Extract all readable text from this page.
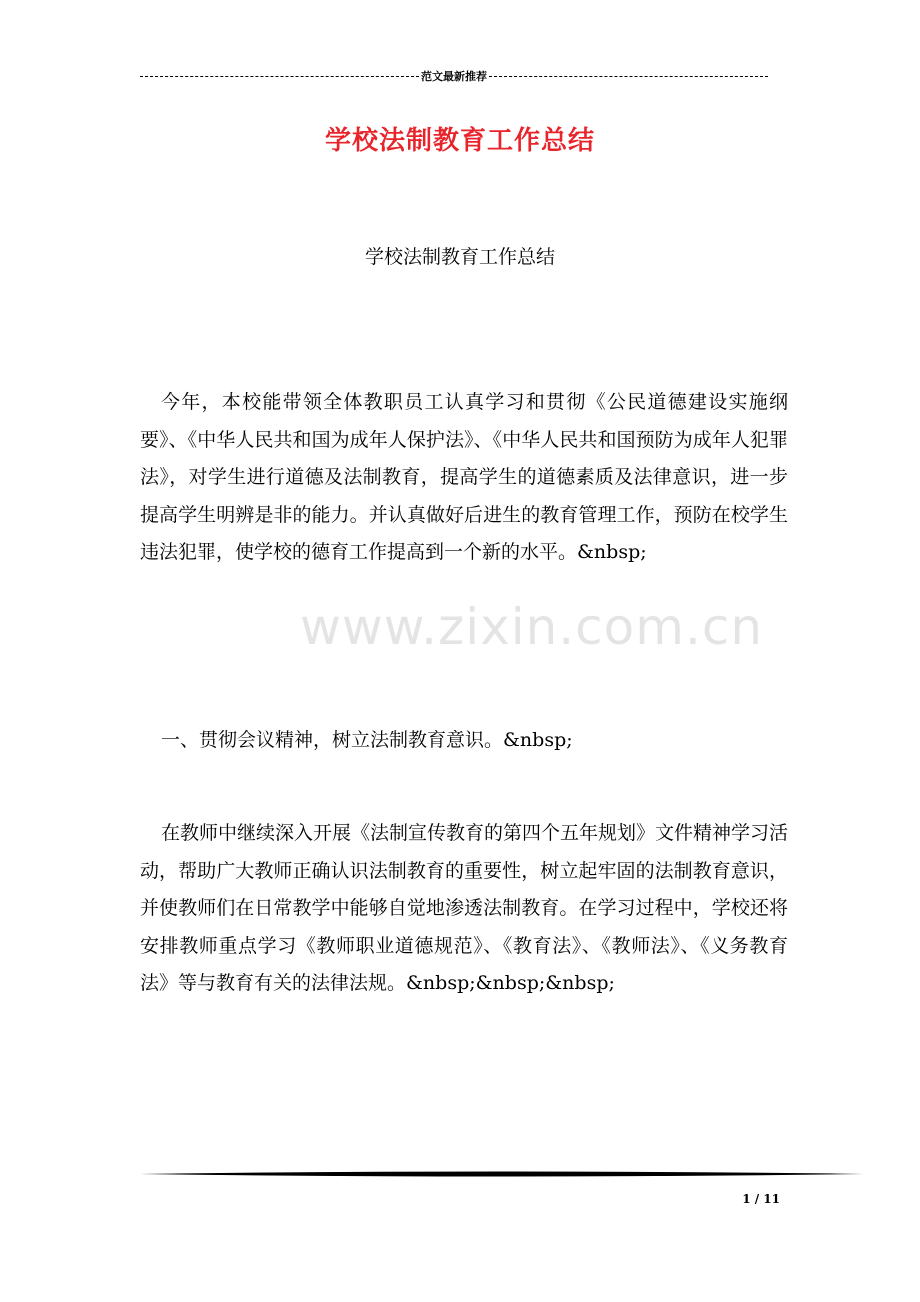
范文最新推荐
学校法制教育工作总结
学校法制教育工作总结
今年，本校能带领全体教职员工认真学习和贯彻《公民道德建设实施纲要》、《中华人民共和国为成年人保护法》、《中华人民共和国预防为成年人犯罪法》，对学生进行道德及法制教育，提高学生的道德素质及法律意识，进一步提高学生明辨是非的能力。并认真做好后进生的教育管理工作，预防在校学生违法犯罪，使学校的德育工作提高到一个新的水平。&nbsp;
www.zixin.com.cn
一、贯彻会议精神，树立法制教育意识。&nbsp;
在教师中继续深入开展《法制宣传教育的第四个五年规划》文件精神学习活动，帮助广大教师正确认识法制教育的重要性，树立起牢固的法制教育意识，并使教师们在日常教学中能够自觉地渗透法制教育。在学习过程中，学校还将安排教师重点学习《教师职业道德规范》、《教育法》、《教师法》、《义务教育法》等与教育有关的法律法规。&nbsp;&nbsp;&nbsp;
1 / 11
